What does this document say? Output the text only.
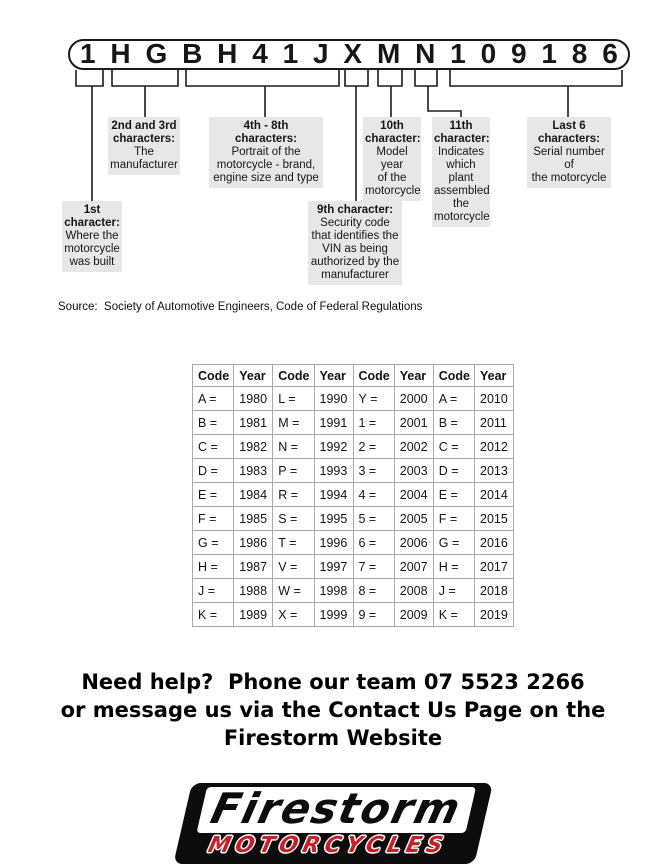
1 H G B H 4 1 J X M N 1 0 9 1 8 6
1st
character:
Where the
motorcycle
was built
2nd and 3rd
characters:
The
manufacturer
4th - 8th
characters:
Portrait of the
motorcycle - brand,
engine size and type
9th character:
Security code
that identifies the
VIN as being
authorized by the
manufacturer
10th
character:
Model year
of the
motorcycle
11th
character:
Indicates
which plant
assembled
the
motorcycle
Last 6
characters:
Serial number of
the motorcycle
Source:  Society of Automotive Engineers, Code of Federal Regulations
Code	Year	Code	Year	Code	Year	Code	Year
A =	1980	L =	1990	Y =	2000	A =	2010
B =	1981	M =	1991	1 =	2001	B =	2011
C =	1982	N =	1992	2 =	2002	C =	2012
D =	1983	P =	1993	3 =	2003	D =	2013
E =	1984	R =	1994	4 =	2004	E =	2014
F =	1985	S =	1995	5 =	2005	F =	2015
G =	1986	T =	1996	6 =	2006	G =	2016
H =	1987	V =	1997	7 =	2007	H =	2017
J =	1988	W =	1998	8 =	2008	J =	2018
K =	1989	X =	1999	9 =	2009	K =	2019
Need help?  Phone our team 07 5523 2266
or message us via the Contact Us Page on the
Firestorm Website
Firestorm
MOTORCYCLES
